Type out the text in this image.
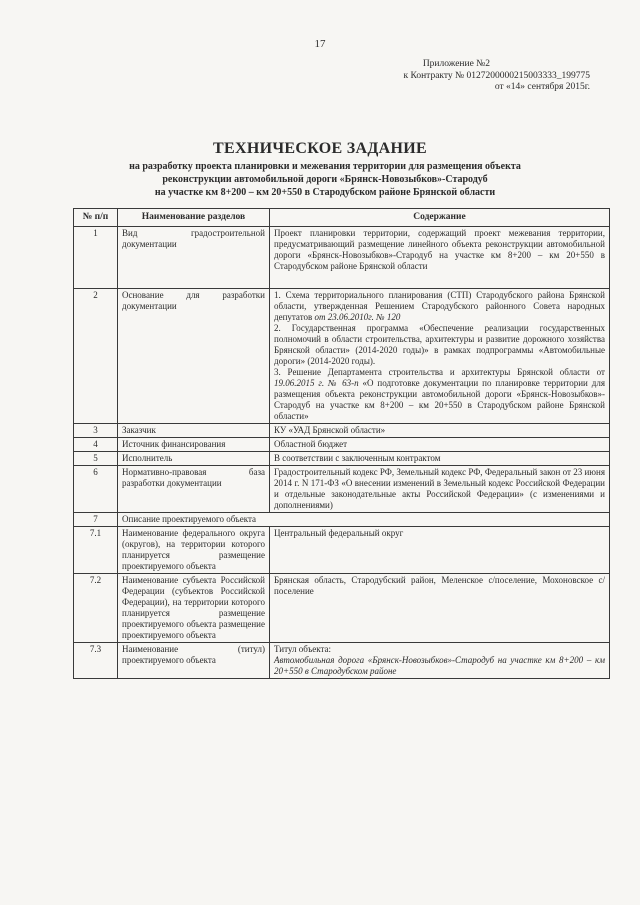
17
Приложение №2
к Контракту № 0127200000215003333_199775
от «14» сентября 2015г.
ТЕХНИЧЕСКОЕ ЗАДАНИЕ
на разработку проекта планировки и межевания территории для размещения объекта
реконструкции автомобильной дороги «Брянск-Новозыбков»-Стародуб
на участке км 8+200 – км 20+550 в Стародубском районе Брянской области
№ п/п	Наименование разделов	Содержание
1	Вид градостроительной документации	Проект планировки территории, содержащий проект межевания территории, предусматривающий размещение линейного объекта реконструкции автомобильной дороги «Брянск-Новозыбков»-Стародуб на участке км 8+200 – км 20+550 в Стародубском районе Брянской области
2	Основание для разработки документации	1. Схема территориального планирования (СТП) Стародубского района Брянской области, утвержденная Решением Стародубского районного Совета народных депутатов от 23.06.2010г. № 120
2. Государственная программа «Обеспечение реализации государственных полномочий в области строительства, архитектуры и развитие дорожного хозяйства Брянской области» (2014-2020 годы)» в рамках подпрограммы «Автомобильные дороги» (2014-2020 годы).
3. Решение Департамента строительства и архитектуры Брянской области от 19.06.2015 г. № 63-п «О подготовке документации по планировке территории для размещения объекта реконструкции автомобильной дороги «Брянск-Новозыбков»-Стародуб на участке км 8+200 – км 20+550 в Стародубском районе Брянской области»

3	Заказчик	КУ «УАД Брянской области»
4	Источник финансирования	Областной бюджет
5	Исполнитель	В соответствии с заключенным контрактом
6	Нормативно-правовая база разработки документации	Градостроительный кодекс РФ, Земельный кодекс РФ, Федеральный закон от 23 июня 2014 г. N 171-ФЗ «О внесении изменений в Земельный кодекс Российской Федерации и отдельные законодательные акты Российской Федерации» (с изменениями и дополнениями)
7	Описание проектируемого объекта	
7.1	Наименование федерального округа (округов), на территории которого планируется размещение проектируемого объекта	Центральный федеральный округ
7.2	Наименование субъекта Российской Федерации (субъектов Российской Федерации), на территории которого планируется размещение проектируемого объекта размещение проектируемого объекта	Брянская область, Стародубский район, Меленское с/поселение, Мохоновское с/поселение
7.3	Наименование (титул) проектируемого объекта	Титул объекта:
Автомобильная дорога «Брянск-Новозыбков»-Стародуб на участке км 8+200 – км 20+550 в Стародубском районе
